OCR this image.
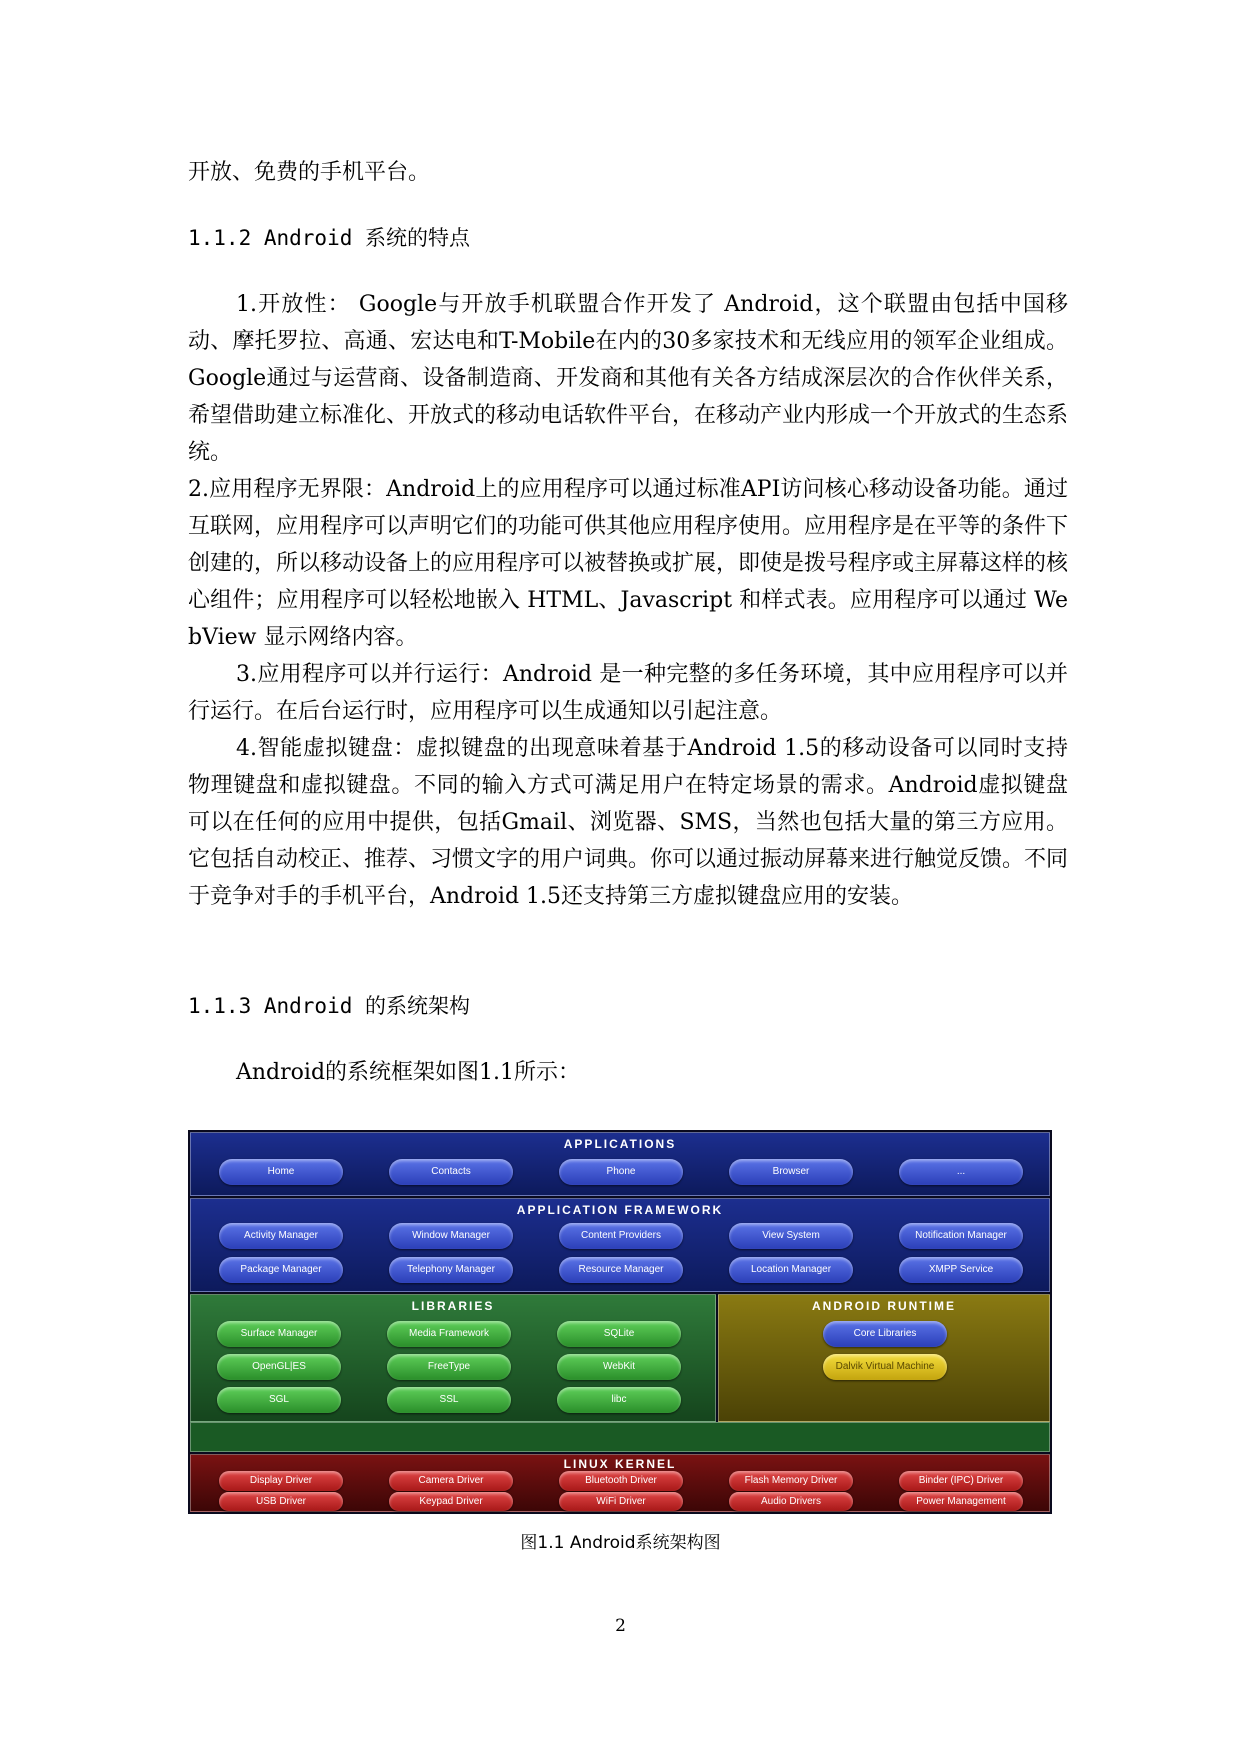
开放、免费的手机平台。

1.1.2 Android 系统的特点

1.开放性： Google与开放手机联盟合作开发了 Android，这个联盟由包括中国移动、摩托罗拉、高通、宏达电和T-Mobile在内的30多家技术和无线应用的领军企业组成。Google通过与运营商、设备制造商、开发商和其他有关各方结成深层次的合作伙伴关系，希望借助建立标准化、开放式的移动电话软件平台，在移动产业内形成一个开放式的生态系统。

2.应用程序无界限：Android上的应用程序可以通过标准API访问核心移动设备功能。通过互联网，应用程序可以声明它们的功能可供其他应用程序使用。应用程序是在平等的条件下创建的，所以移动设备上的应用程序可以被替换或扩展，即使是拨号程序或主屏幕这样的核心组件；应用程序可以轻松地嵌入 HTML、Javascript 和样式表。应用程序可以通过 WebView 显示网络内容。

3.应用程序可以并行运行：Android 是一种完整的多任务环境，其中应用程序可以并行运行。在后台运行时，应用程序可以生成通知以引起注意。

4.智能虚拟键盘：虚拟键盘的出现意味着基于Android 1.5的移动设备可以同时支持物理键盘和虚拟键盘。不同的输入方式可满足用户在特定场景的需求。Android虚拟键盘可以在任何的应用中提供，包括Gmail、浏览器、SMS，当然也包括大量的第三方应用。它包括自动校正、推荐、习惯文字的用户词典。你可以通过振动屏幕来进行触觉反馈。不同于竞争对手的手机平台，Android 1.5还支持第三方虚拟键盘应用的安装。

1.1.3 Android 的系统架构

Android的系统框架如图1.1所示：

APPLICATIONS
Home	Contacts	Phone	Browser	...
APPLICATION FRAMEWORK
Activity Manager	Window Manager	Content Providers	View System	Notification Manager
Package Manager	Telephony Manager	Resource Manager	Location Manager	XMPP Service
LIBRARIES
Surface Manager	Media Framework	SQLite
OpenGL|ES	FreeType	WebKit
SGL	SSL	libc
ANDROID RUNTIME
Core Libraries
Dalvik Virtual Machine
LINUX KERNEL
Display Driver	Camera Driver	Bluetooth Driver	Flash Memory Driver	Binder (IPC) Driver
USB Driver	Keypad Driver	WiFi Driver	Audio Drivers	Power Management
图1.1 Android系统架构图
2
